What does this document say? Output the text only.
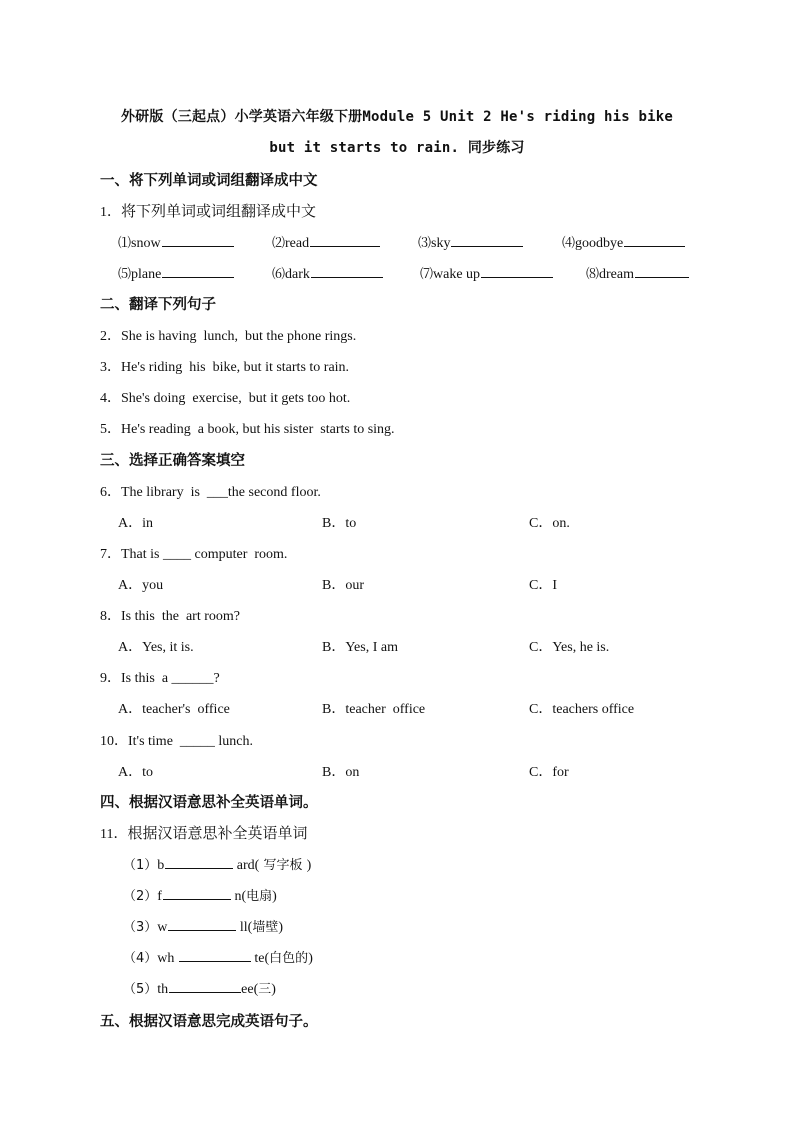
外研版（三起点）小学英语六年级下册Module 5 Unit 2 He's riding his bike
but it starts to rain. 同步练习
一、将下列单词或词组翻译成中文
1．将下列单词或词组翻译成中文
⑴snow	⑵read	⑶sky	⑷goodbye
⑸plane	⑹dark	⑺wake up	⑻dream
二、翻译下列句子
2．She is having  lunch,  but the phone rings.
3．He's riding  his  bike, but it starts to rain.
4．She's doing  exercise,  but it gets too hot.
5．He's reading  a book, but his sister  starts to sing.
三、选择正确答案填空
6．The library  is  ___the second floor.
A．in	B．to	C．on.
7．That is ____ computer  room.
A．you	B．our	C．I
8．Is this  the  art room?
A．Yes, it is.	B．Yes, I am	C．Yes, he is.
9．Is this  a ______?
A．teacher's  office	B．teacher  office	C．teachers office
10．It's time  _____ lunch.
A．to	B．on	C．for
四、根据汉语意思补全英语单词。
11．根据汉语意思补全英语单词
（1）b	ard( 写字板 )
（2）f	n(电扇)
（3）w	ll(墙壁)
（4）wh	te(白色的)
（5）th	ee(三)
五、根据汉语意思完成英语句子。
